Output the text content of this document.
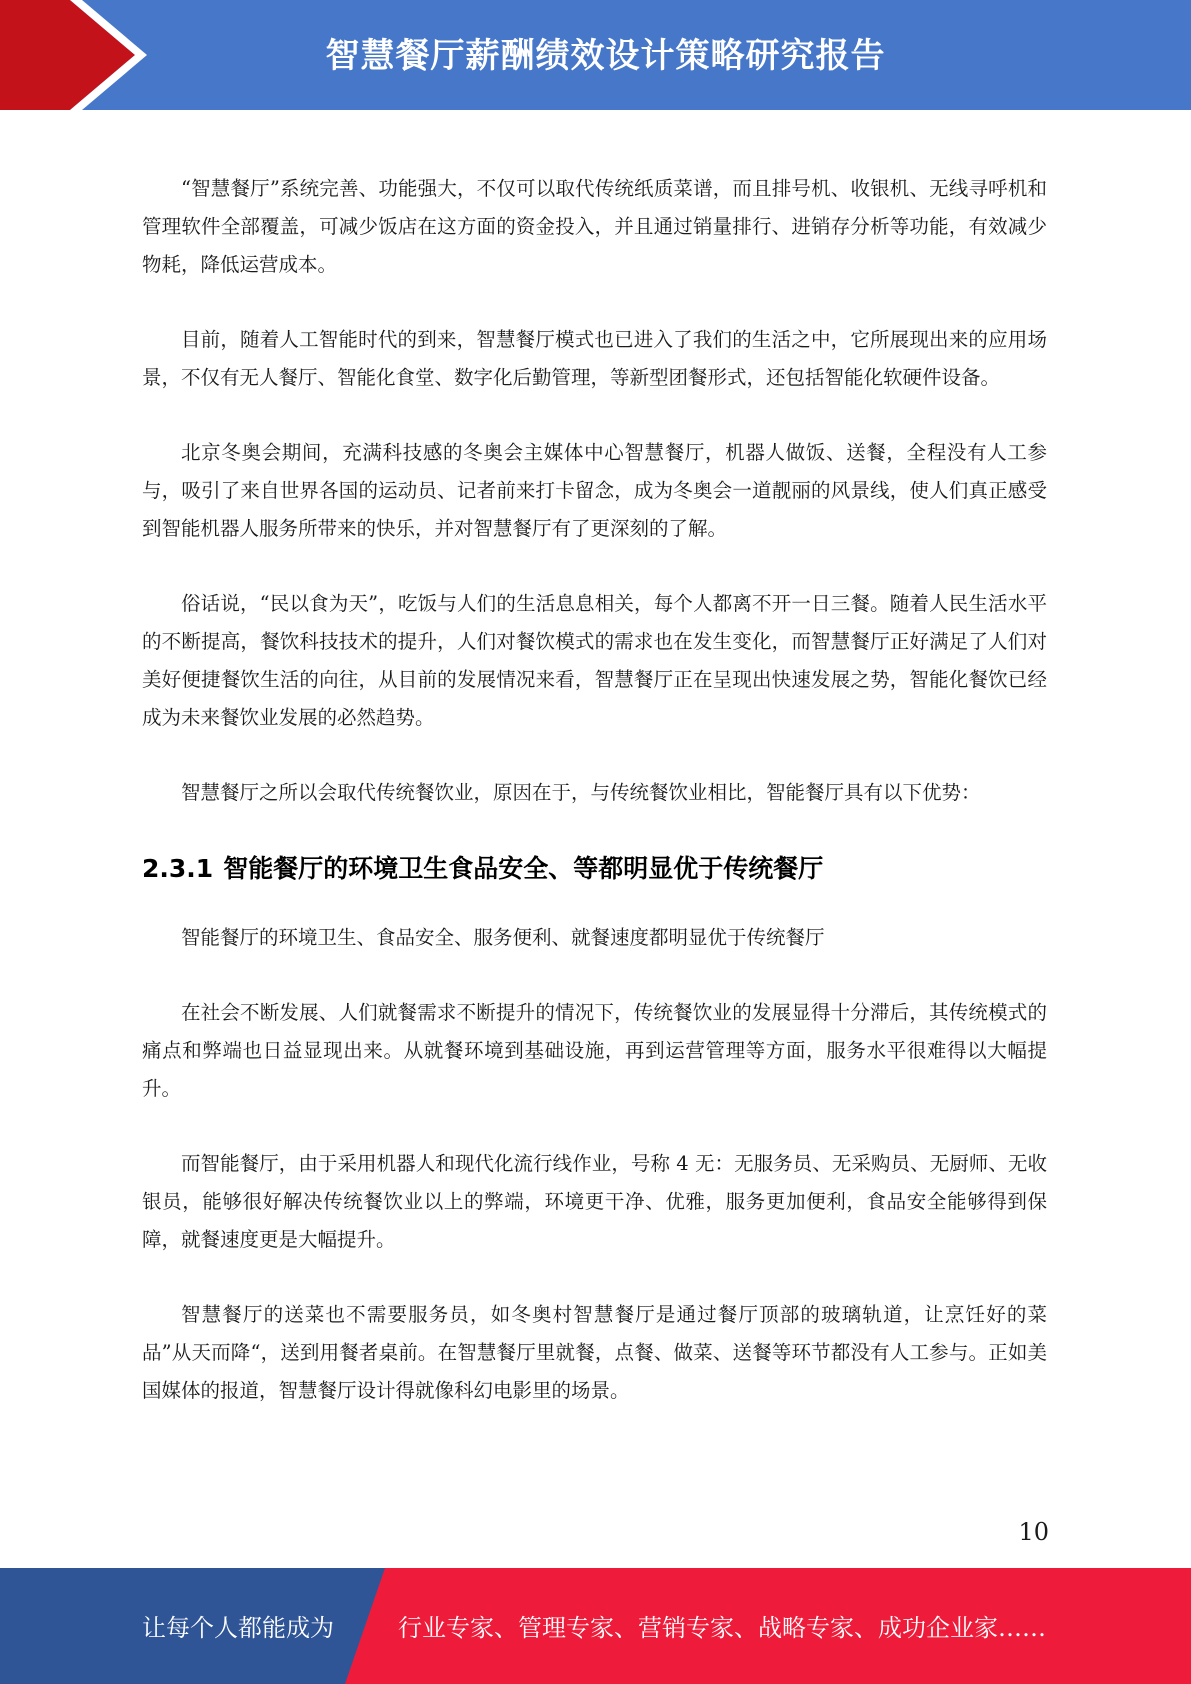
智慧餐厅薪酬绩效设计策略研究报告

“智慧餐厅”系统完善、功能强大，不仅可以取代传统纸质菜谱，而且排号机、收银机、无线寻呼机和管理软件全部覆盖，可减少饭店在这方面的资金投入，并且通过销量排行、进销存分析等功能，有效减少物耗，降低运营成本。

目前，随着人工智能时代的到来，智慧餐厅模式也已进入了我们的生活之中，它所展现出来的应用场景，不仅有无人餐厅、智能化食堂、数字化后勤管理，等新型团餐形式，还包括智能化软硬件设备。

北京冬奥会期间，充满科技感的冬奥会主媒体中心智慧餐厅，机器人做饭、送餐，全程没有人工参与，吸引了来自世界各国的运动员、记者前来打卡留念，成为冬奥会一道靓丽的风景线，使人们真正感受到智能机器人服务所带来的快乐，并对智慧餐厅有了更深刻的了解。

俗话说，“民以食为天”，吃饭与人们的生活息息相关，每个人都离不开一日三餐。随着人民生活水平的不断提高，餐饮科技技术的提升，人们对餐饮模式的需求也在发生变化，而智慧餐厅正好满足了人们对美好便捷餐饮生活的向往，从目前的发展情况来看，智慧餐厅正在呈现出快速发展之势，智能化餐饮已经成为未来餐饮业发展的必然趋势。

智慧餐厅之所以会取代传统餐饮业，原因在于，与传统餐饮业相比，智能餐厅具有以下优势：

2.3.1 智能餐厅的环境卫生食品安全、等都明显优于传统餐厅

智能餐厅的环境卫生、食品安全、服务便利、就餐速度都明显优于传统餐厅

在社会不断发展、人们就餐需求不断提升的情况下，传统餐饮业的发展显得十分滞后，其传统模式的痛点和弊端也日益显现出来。从就餐环境到基础设施，再到运营管理等方面，服务水平很难得以大幅提升。

而智能餐厅，由于采用机器人和现代化流行线作业，号称 4 无：无服务员、无采购员、无厨师、无收银员，能够很好解决传统餐饮业以上的弊端，环境更干净、优雅，服务更加便利，食品安全能够得到保障，就餐速度更是大幅提升。

智慧餐厅的送菜也不需要服务员，如冬奥村智慧餐厅是通过餐厅顶部的玻璃轨道，让烹饪好的菜品”从天而降“，送到用餐者桌前。在智慧餐厅里就餐，点餐、做菜、送餐等环节都没有人工参与。正如美国媒体的报道，智慧餐厅设计得就像科幻电影里的场景。

10
让每个人都能成为	行业专家、管理专家、营销专家、战略专家、成功企业家……
